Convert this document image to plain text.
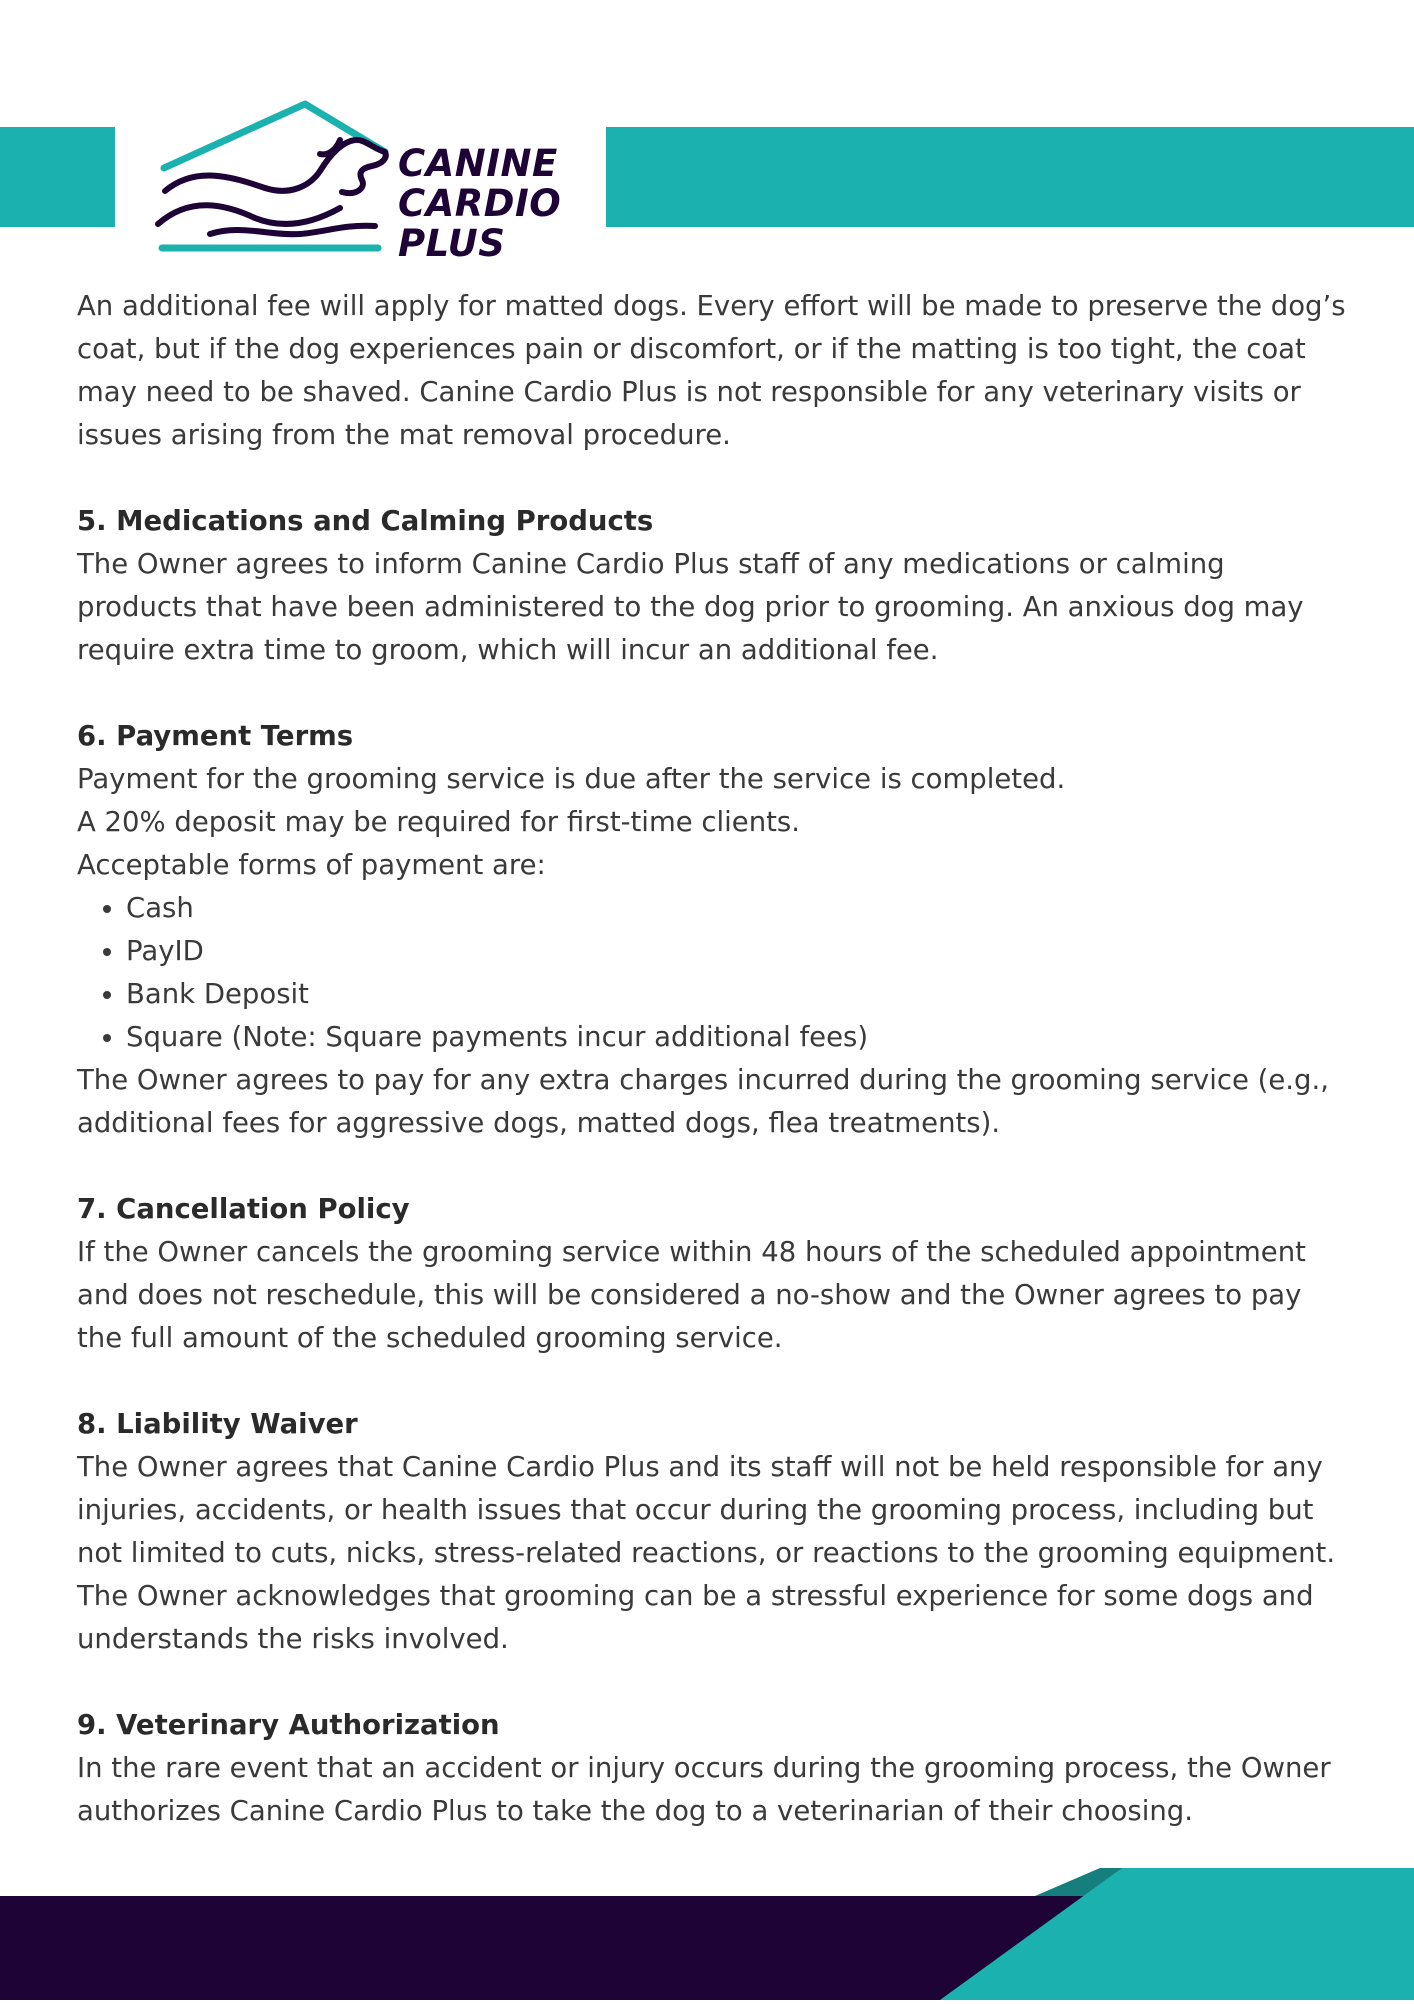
CANINE
CARDIO
PLUS

An additional fee will apply for matted dogs. Every effort will be made to preserve the dog’s coat, but if the dog experiences pain or discomfort, or if the matting is too tight, the coat may need to be shaved. Canine Cardio Plus is not responsible for any veterinary visits or issues arising from the mat removal procedure.

5. Medications and Calming Products

The Owner agrees to inform Canine Cardio Plus staff of any medications or calming products that have been administered to the dog prior to grooming. An anxious dog may require extra time to groom, which will incur an additional fee.

6. Payment Terms

Payment for the grooming service is due after the service is completed.

A 20% deposit may be required for first-time clients.

Acceptable forms of payment are:

• Cash
• PayID
• Bank Deposit
• Square (Note: Square payments incur additional fees)

The Owner agrees to pay for any extra charges incurred during the grooming service (e.g., additional fees for aggressive dogs, matted dogs, flea treatments).

7. Cancellation Policy

If the Owner cancels the grooming service within 48 hours of the scheduled appointment and does not reschedule, this will be considered a no-show and the Owner agrees to pay the full amount of the scheduled grooming service.

8. Liability Waiver

The Owner agrees that Canine Cardio Plus and its staff will not be held responsible for any injuries, accidents, or health issues that occur during the grooming process, including but not limited to cuts, nicks, stress-related reactions, or reactions to the grooming equipment. The Owner acknowledges that grooming can be a stressful experience for some dogs and understands the risks involved.

9. Veterinary Authorization

In the rare event that an accident or injury occurs during the grooming process, the Owner authorizes Canine Cardio Plus to take the dog to a veterinarian of their choosing.
